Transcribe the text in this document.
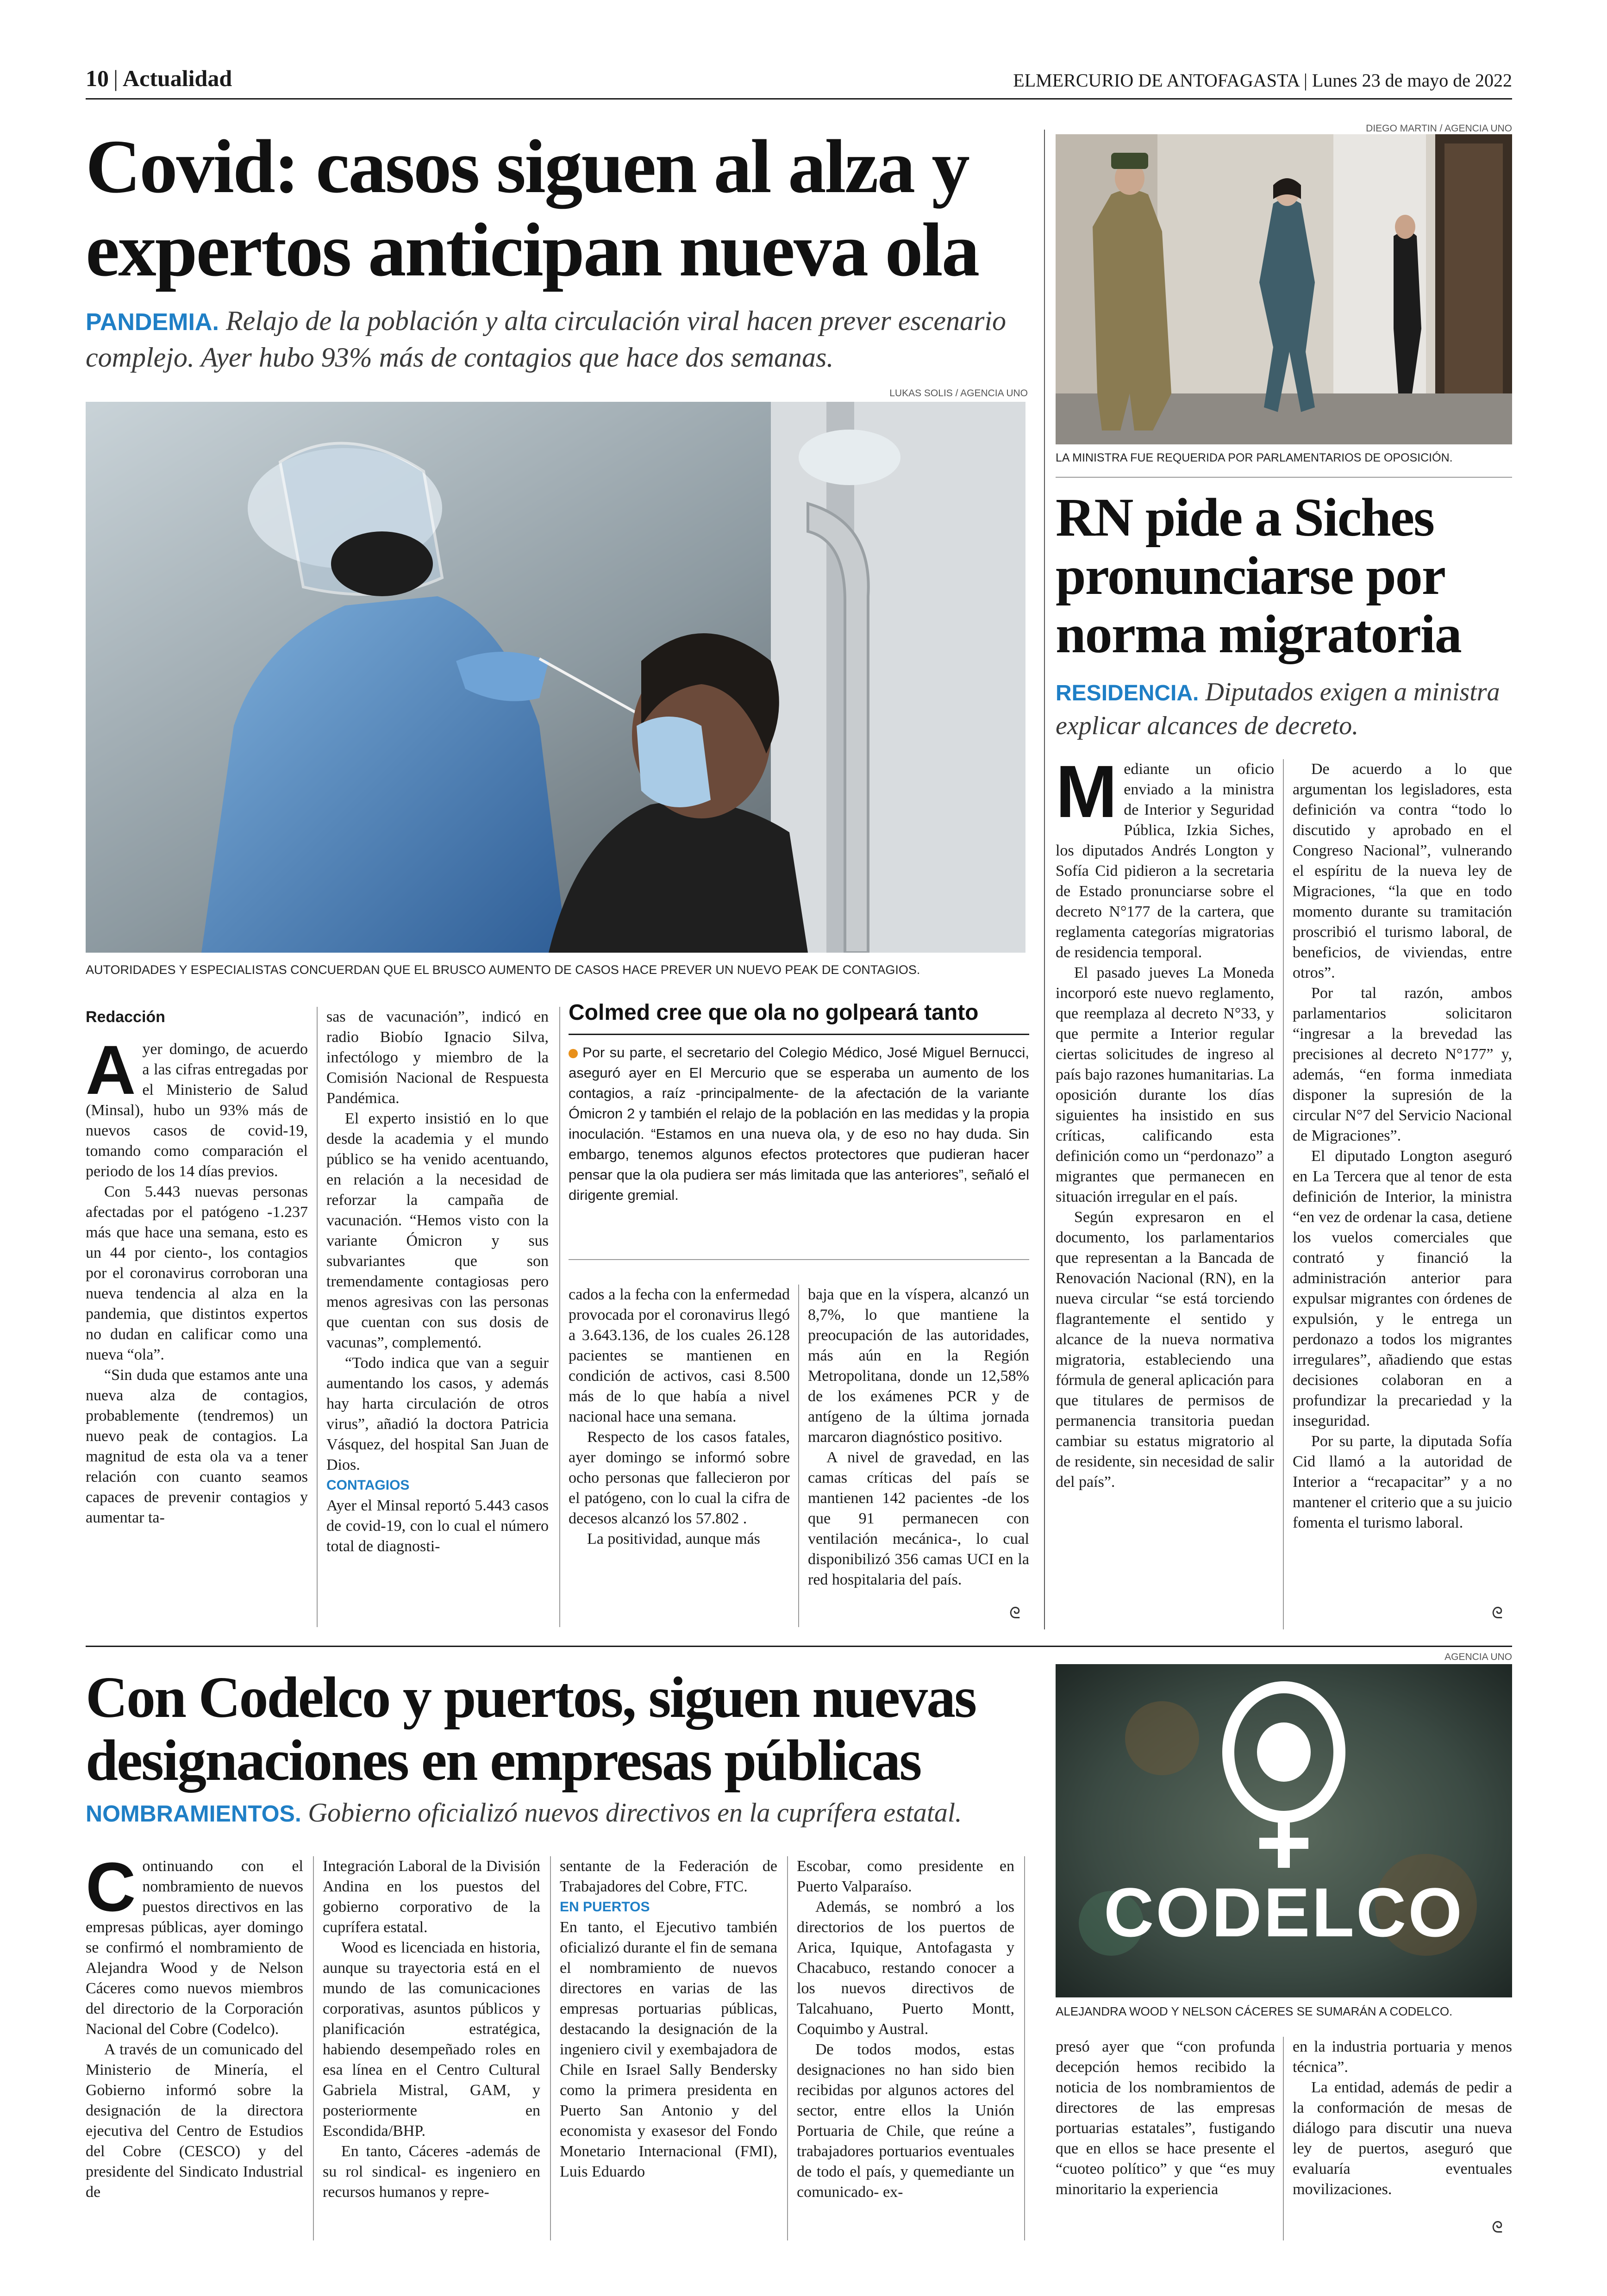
10 | Actualidad	ELMERCURIO DE ANTOFAGASTA | Lunes 23 de mayo de 2022
Covid: casos siguen al alza y expertos anticipan nueva ola
PANDEMIA. Relajo de la población y alta circulación viral hacen prever escenario complejo. Ayer hubo 93% más de contagios que hace dos semanas.
LUKAS SOLIS / AGENCIA UNO
AUTORIDADES Y ESPECIALISTAS CONCUERDAN QUE EL BRUSCO AUMENTO DE CASOS HACE PREVER UN NUEVO PEAK DE CONTAGIOS.
Redacción
A yer domingo, de acuerdo a las cifras entregadas por el Ministerio de Salud (Minsal), hubo un 93% más de nuevos casos de covid-19, tomando como comparación el periodo de los 14 días previos.

Con 5.443 nuevas personas afectadas por el patógeno -1.237 más que hace una semana, esto es un 44 por ciento-, los contagios por el coronavirus corroboran una nueva tendencia al alza en la pandemia, que distintos expertos no dudan en calificar como una nueva “ola”.

“Sin duda que estamos ante una nueva alza de contagios, probablemente (tendremos) un nuevo peak de contagios. La magnitud de esta ola va a tener relación con cuanto seamos capaces de prevenir contagios y aumentar ta-

sas de vacunación”, indicó en radio Biobío Ignacio Silva, infectólogo y miembro de la Comisión Nacional de Respuesta Pandémica.

El experto insistió en lo que desde la academia y el mundo público se ha venido acentuando, en relación a la necesidad de reforzar la campaña de vacunación. “Hemos visto con la variante Ómicron y sus subvariantes que son tremendamente contagiosas pero menos agresivas con las personas que cuentan con sus dosis de vacunas”, complementó.

“Todo indica que van a seguir aumentando los casos, y además hay harta circulación de otros virus”, añadió la doctora Patricia Vásquez, del hospital San Juan de Dios.

CONTAGIOS

Ayer el Minsal reportó 5.443 casos de covid-19, con lo cual el número total de diagnosti-

Colmed cree que ola no golpeará tanto
Por su parte, el secretario del Colegio Médico, José Miguel Bernucci, aseguró ayer en El Mercurio que se esperaba un aumento de los contagios, a raíz -principalmente- de la afectación de la variante Ómicron 2 y también el relajo de la población en las medidas y la propia inoculación. “Estamos en una nueva ola, y de eso no hay duda. Sin embargo, tenemos algunos efectos protectores que pudieran hacer pensar que la ola pudiera ser más limitada que las anteriores”, señaló el dirigente gremial.

cados a la fecha con la enfermedad provocada por el coronavirus llegó a 3.643.136, de los cuales 26.128 pacientes se mantienen en condición de activos, casi 8.500 más de lo que había a nivel nacional hace una semana.

Respecto de los casos fatales, ayer domingo se informó sobre ocho personas que fallecieron por el patógeno, con lo cual la cifra de decesos alcanzó los 57.802 .

La positividad, aunque más

baja que en la víspera, alcanzó un 8,7%, lo que mantiene la preocupación de las autoridades, más aún en la Región Metropolitana, donde un 12,58% de los exámenes PCR y de antígeno de la última jornada marcaron diagnóstico positivo.

A nivel de gravedad, en las camas críticas del país se mantienen 142 pacientes -de los que 91 permanecen con ventilación mecánica-, lo cual disponibilizó 356 camas UCI en la red hospitalaria del país.

ᘓ
DIEGO MARTIN / AGENCIA UNO
LA MINISTRA FUE REQUERIDA POR PARLAMENTARIOS DE OPOSICIÓN.
RN pide a Siches pronunciarse por norma migratoria
RESIDENCIA. Diputados exigen a ministra explicar alcances de decreto.
M ediante un oficio enviado a la ministra de Interior y Seguridad Pública, Izkia Siches, los diputados Andrés Longton y Sofía Cid pidieron a la secretaria de Estado pronunciarse sobre el decreto N°177 de la cartera, que reglamenta categorías migratorias de residencia temporal.

El pasado jueves La Moneda incorporó este nuevo reglamento, que reemplaza al decreto N°33, y que permite a Interior regular ciertas solicitudes de ingreso al país bajo razones humanitarias. La oposición durante los días siguientes ha insistido en sus críticas, calificando esta definición como un “perdonazo” a migrantes que permanecen en situación irregular en el país.

Según expresaron en el documento, los parlamentarios que representan a la Bancada de Renovación Nacional (RN), en la nueva circular “se está torciendo flagrantemente el sentido y alcance de la nueva normativa migratoria, estableciendo una fórmula de general aplicación para que titulares de permisos de permanencia transitoria puedan cambiar su estatus migratorio al de residente, sin necesidad de salir del país”.

De acuerdo a lo que argumentan los legisladores, esta definición va contra “todo lo discutido y aprobado en el Congreso Nacional”, vulnerando el espíritu de la nueva ley de Migraciones, “la que en todo momento durante su tramitación proscribió el turismo laboral, de beneficios, de viviendas, entre otros”.

Por tal razón, ambos parlamentarios solicitaron “ingresar a la brevedad las precisiones al decreto N°177” y, además, “en forma inmediata disponer la supresión de la circular N°7 del Servicio Nacional de Migraciones”.

El diputado Longton aseguró en La Tercera que al tenor de esta definición de Interior, la ministra “en vez de ordenar la casa, detiene los vuelos comerciales que contrató y financió la administración anterior para expulsar migrantes con órdenes de expulsión, y le entrega un perdonazo a todos los migrantes irregulares”, añadiendo que estas decisiones colaboran en a profundizar la precariedad y la inseguridad.

Por su parte, la diputada Sofía Cid llamó a la autoridad de Interior a “recapacitar” y a no mantener el criterio que a su juicio fomenta el turismo laboral.

ᘓ
Con Codelco y puertos, siguen nuevas designaciones en empresas públicas
NOMBRAMIENTOS. Gobierno oficializó nuevos directivos en la cuprífera estatal.
AGENCIA UNO
CODELCO
ALEJANDRA WOOD Y NELSON CÁCERES SE SUMARÁN A CODELCO.
C ontinuando con el nombramiento de nuevos puestos directivos en las empresas públicas, ayer domingo se confirmó el nombramiento de Alejandra Wood y de Nelson Cáceres como nuevos miembros del directorio de la Corporación Nacional del Cobre (Codelco).

A través de un comunicado del Ministerio de Minería, el Gobierno informó sobre la designación de la directora ejecutiva del Centro de Estudios del Cobre (CESCO) y del presidente del Sindicato Industrial de

Integración Laboral de la División Andina en los puestos del gobierno corporativo de la cuprífera estatal.

Wood es licenciada en historia, aunque su trayectoria está en el mundo de las comunicaciones corporativas, asuntos públicos y planificación estratégica, habiendo desempeñado roles en esa línea en el Centro Cultural Gabriela Mistral, GAM, y posteriormente en Escondida/BHP.

En tanto, Cáceres -además de su rol sindical- es ingeniero en recursos humanos y repre-

sentante de la Federación de Trabajadores del Cobre, FTC.

EN PUERTOS

En tanto, el Ejecutivo también oficializó durante el fin de semana el nombramiento de nuevos directores en varias de las empresas portuarias públicas, destacando la designación de la ingeniero civil y exembajadora de Chile en Israel Sally Bendersky como la primera presidenta en Puerto San Antonio y del economista y exasesor del Fondo Monetario Internacional (FMI), Luis Eduardo

Escobar, como presidente en Puerto Valparaíso.

Además, se nombró a los directorios de los puertos de Arica, Iquique, Antofagasta y Chacabuco, restando conocer a los nuevos directivos de Talcahuano, Puerto Montt, Coquimbo y Austral.

De todos modos, estas designaciones no han sido bien recibidas por algunos actores del sector, entre ellos la Unión Portuaria de Chile, que reúne a trabajadores portuarios eventuales de todo el país, y quemediante un comunicado- ex-

presó ayer que “con profunda decepción hemos recibido la noticia de los nombramientos de directores de las empresas portuarias estatales”, fustigando que en ellos se hace presente el “cuoteo político” y que “es muy minoritario la experiencia

en la industria portuaria y menos técnica”.

La entidad, además de pedir a la conformación de mesas de diálogo para discutir una nueva ley de puertos, aseguró que evaluaría eventuales movilizaciones.

ᘓ
